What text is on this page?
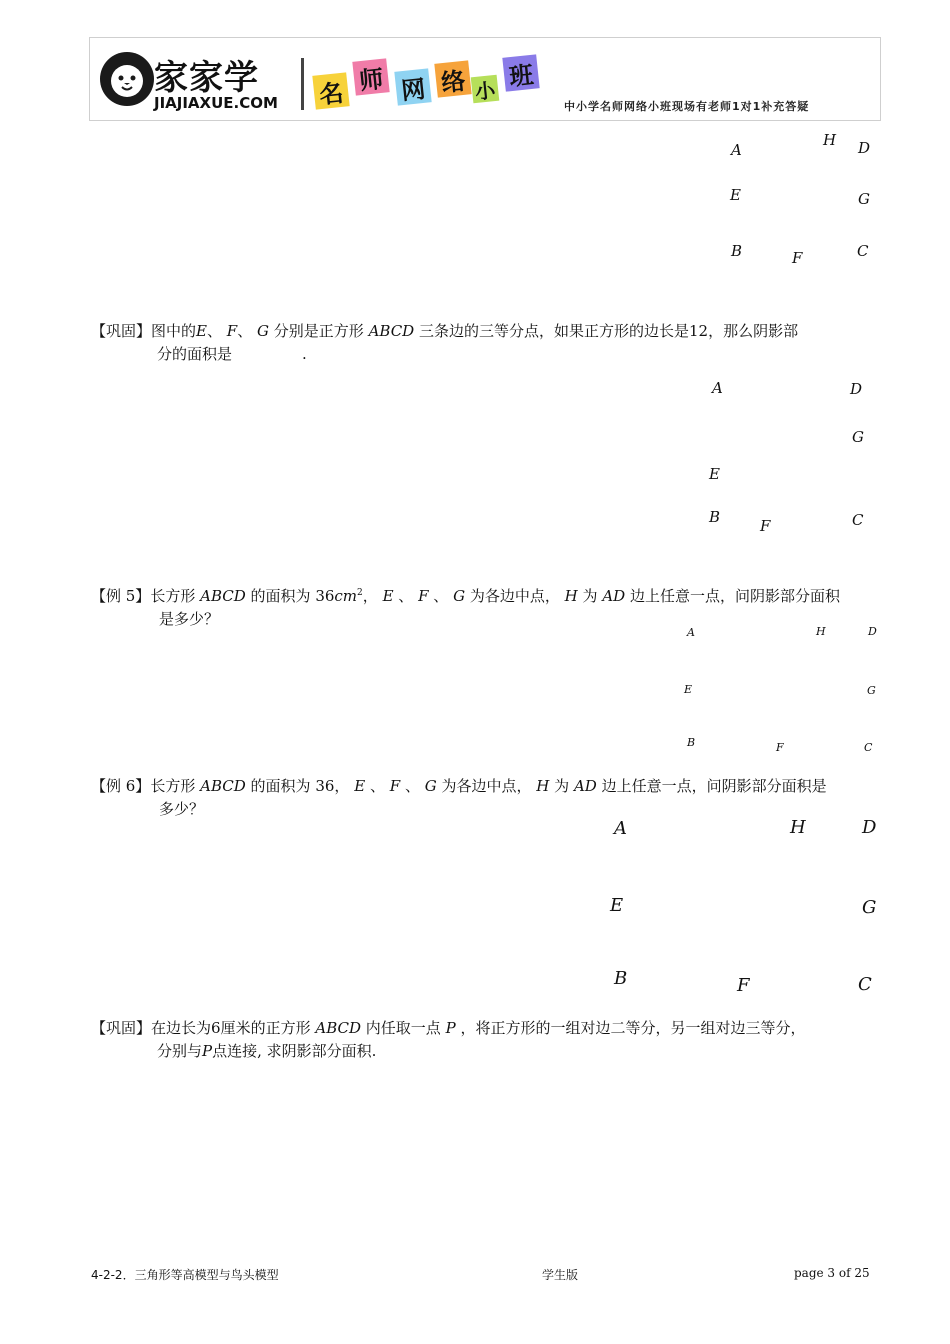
家家学
JIAJIAXUE.COM 名 师 网 络 小 班
中小学名师网络小班现场有老师1对1补充答疑
A
H D
E	G
B	F	C
【巩固】图中的E、 F、 G 分别是正方形 ABCD 三条边的三等分点，如果正方形的边长是12，那么阴影部
分的面积是	.
A	D
G
E
B	F	C
【例 5】长方形 ABCD 的面积为 $36cm^2$， E 、 F 、 G 为各边中点， H 为 AD 边上任意一点，问阴影部分面积
是多少？
A	H	D
E	G
B	F	C
【例 6】长方形 ABCD 的面积为 36， E 、 F 、 G 为各边中点， H 为 AD 边上任意一点，问阴影部分面积是
多少？
A	H	D
E	G
B	F	C
【巩固】在边长为6厘米的正方形 ABCD 内任取一点 P ，将正方形的一组对边二等分，另一组对边三等分，
分别与P点连接, 求阴影部分面积.
4-2-2．三角形等高模型与鸟头模型	学生版	page 3 of 25
